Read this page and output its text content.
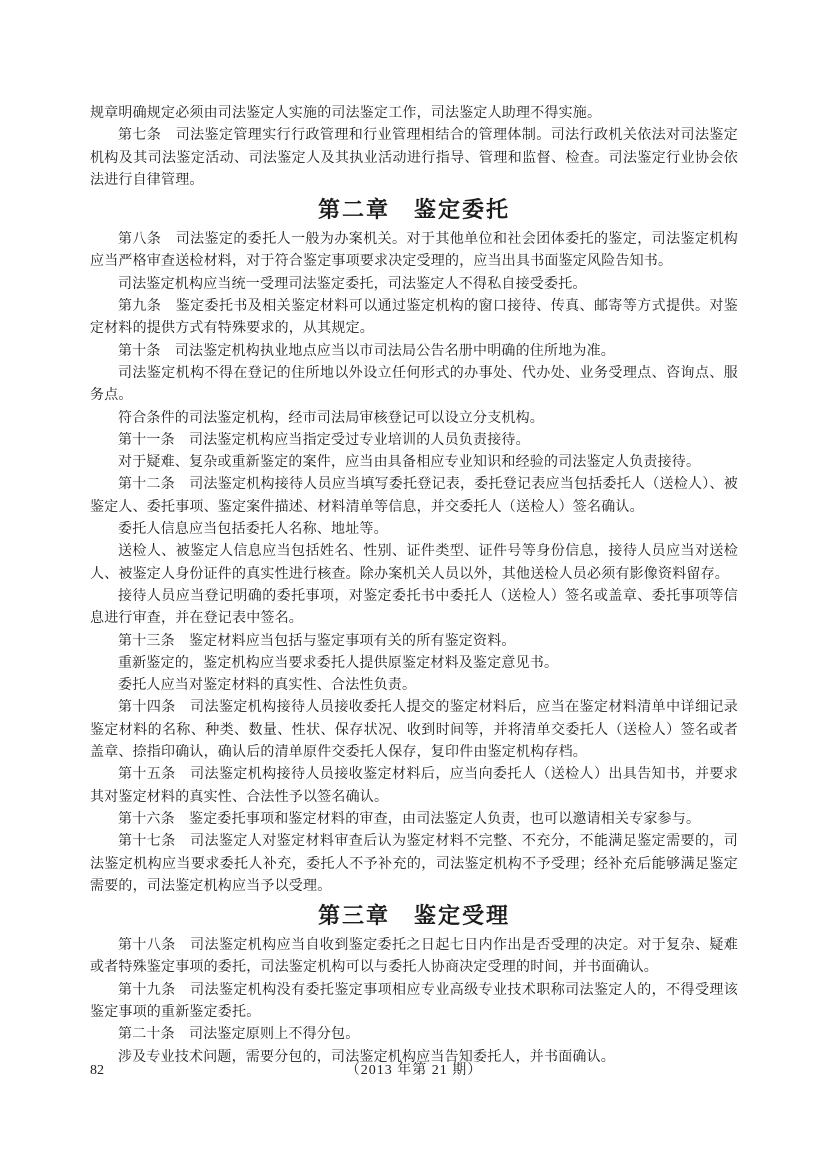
规章明确规定必须由司法鉴定人实施的司法鉴定工作，司法鉴定人助理不得实施。

第七条　司法鉴定管理实行行政管理和行业管理相结合的管理体制。司法行政机关依法对司法鉴定机构及其司法鉴定活动、司法鉴定人及其执业活动进行指导、管理和监督、检查。司法鉴定行业协会依法进行自律管理。

第二章　鉴定委托

第八条　司法鉴定的委托人一般为办案机关。对于其他单位和社会团体委托的鉴定，司法鉴定机构应当严格审查送检材料，对于符合鉴定事项要求决定受理的，应当出具书面鉴定风险告知书。

司法鉴定机构应当统一受理司法鉴定委托，司法鉴定人不得私自接受委托。

第九条　鉴定委托书及相关鉴定材料可以通过鉴定机构的窗口接待、传真、邮寄等方式提供。对鉴定材料的提供方式有特殊要求的，从其规定。

第十条　司法鉴定机构执业地点应当以市司法局公告名册中明确的住所地为准。

司法鉴定机构不得在登记的住所地以外设立任何形式的办事处、代办处、业务受理点、咨询点、服务点。

符合条件的司法鉴定机构，经市司法局审核登记可以设立分支机构。

第十一条　司法鉴定机构应当指定受过专业培训的人员负责接待。

对于疑难、复杂或重新鉴定的案件，应当由具备相应专业知识和经验的司法鉴定人负责接待。

第十二条　司法鉴定机构接待人员应当填写委托登记表，委托登记表应当包括委托人（送检人）、被鉴定人、委托事项、鉴定案件描述、材料清单等信息，并交委托人（送检人）签名确认。

委托人信息应当包括委托人名称、地址等。

送检人、被鉴定人信息应当包括姓名、性别、证件类型、证件号等身份信息，接待人员应当对送检人、被鉴定人身份证件的真实性进行核查。除办案机关人员以外，其他送检人员必须有影像资料留存。

接待人员应当登记明确的委托事项，对鉴定委托书中委托人（送检人）签名或盖章、委托事项等信息进行审查，并在登记表中签名。

第十三条　鉴定材料应当包括与鉴定事项有关的所有鉴定资料。

重新鉴定的，鉴定机构应当要求委托人提供原鉴定材料及鉴定意见书。

委托人应当对鉴定材料的真实性、合法性负责。

第十四条　司法鉴定机构接待人员接收委托人提交的鉴定材料后，应当在鉴定材料清单中详细记录鉴定材料的名称、种类、数量、性状、保存状况、收到时间等，并将清单交委托人（送检人）签名或者盖章、捺指印确认，确认后的清单原件交委托人保存，复印件由鉴定机构存档。

第十五条　司法鉴定机构接待人员接收鉴定材料后，应当向委托人（送检人）出具告知书，并要求其对鉴定材料的真实性、合法性予以签名确认。

第十六条　鉴定委托事项和鉴定材料的审查，由司法鉴定人负责，也可以邀请相关专家参与。

第十七条　司法鉴定人对鉴定材料审查后认为鉴定材料不完整、不充分，不能满足鉴定需要的，司法鉴定机构应当要求委托人补充，委托人不予补充的，司法鉴定机构不予受理；经补充后能够满足鉴定需要的，司法鉴定机构应当予以受理。

第三章　鉴定受理

第十八条　司法鉴定机构应当自收到鉴定委托之日起七日内作出是否受理的决定。对于复杂、疑难或者特殊鉴定事项的委托，司法鉴定机构可以与委托人协商决定受理的时间，并书面确认。

第十九条　司法鉴定机构没有委托鉴定事项相应专业高级专业技术职称司法鉴定人的，不得受理该鉴定事项的重新鉴定委托。

第二十条　司法鉴定原则上不得分包。

涉及专业技术问题，需要分包的，司法鉴定机构应当告知委托人，并书面确认。

82	（2013 年第 21 期）
